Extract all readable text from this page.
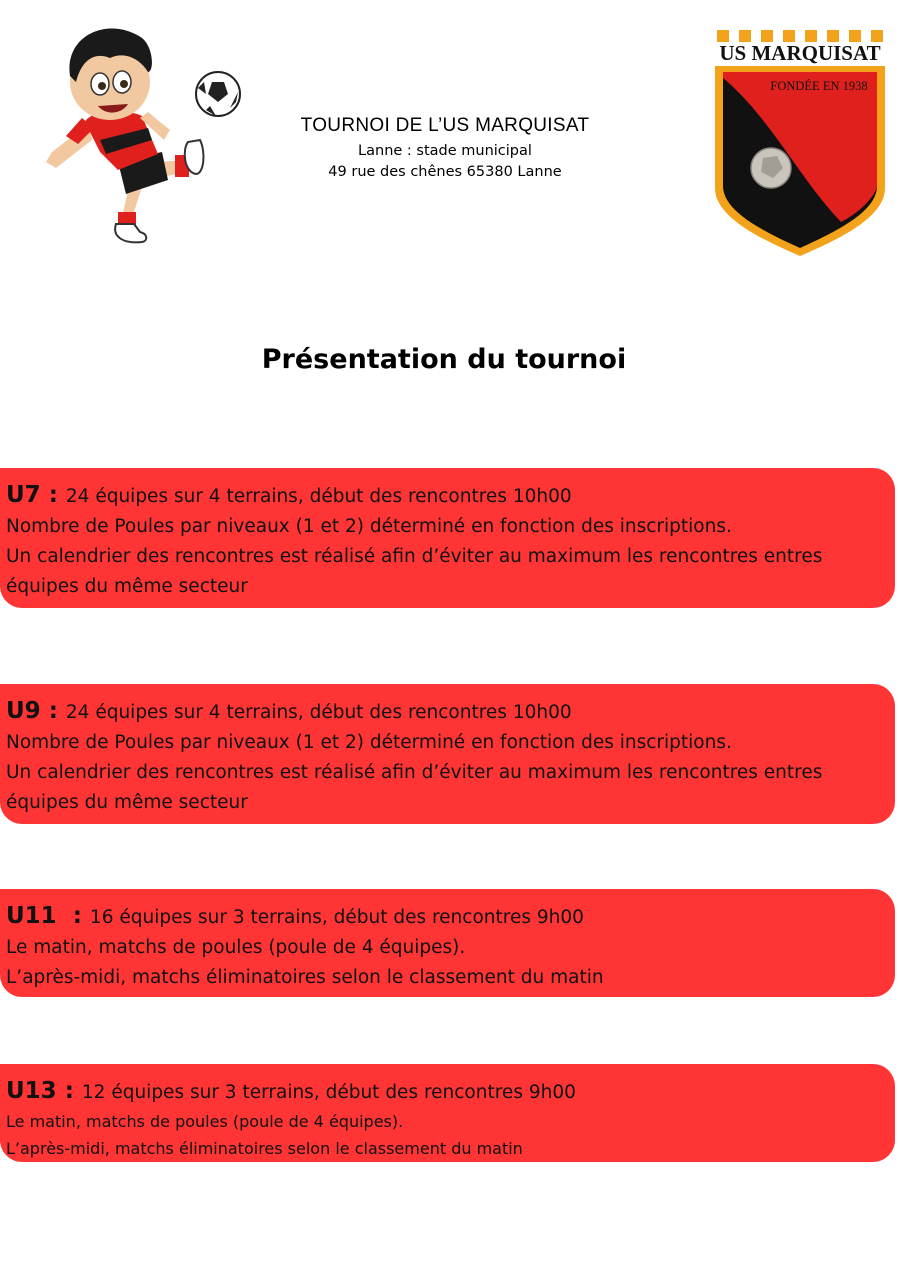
TOURNOI DE L’US MARQUISAT
Lanne : stade municipal
49 rue des chênes 65380 Lanne
US MARQUISAT
FONDÉE EN 1938
Présentation du tournoi
U7 : 24 équipes sur 4 terrains, début des rencontres 10h00
Nombre de Poules par niveaux (1 et 2) déterminé en fonction des inscriptions.
Un calendrier des rencontres est réalisé afin d’éviter au maximum les rencontres entres
équipes du même secteur
U9 : 24 équipes sur 4 terrains, début des rencontres 10h00
Nombre de Poules par niveaux (1 et 2) déterminé en fonction des inscriptions.
Un calendrier des rencontres est réalisé afin d’éviter au maximum les rencontres entres
équipes du même secteur
U11  : 16 équipes sur 3 terrains, début des rencontres 9h00
Le matin, matchs de poules (poule de 4 équipes).
L’après-midi, matchs éliminatoires selon le classement du matin
U13 : 12 équipes sur 3 terrains, début des rencontres 9h00
Le matin, matchs de poules (poule de 4 équipes).
L’après-midi, matchs éliminatoires selon le classement du matin
